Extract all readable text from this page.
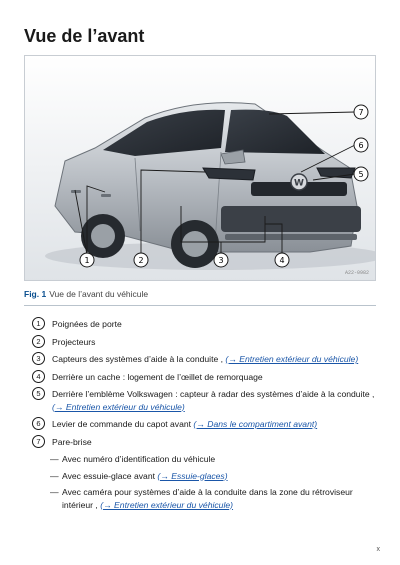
Vue de l’avant
W
1	2	3	4
5
6
7
A22-0982
Fig. 1 Vue de l’avant du véhicule
1	Poignées de porte
2	Projecteurs
3	Capteurs des systèmes d’aide à la conduite , (→ Entretien extérieur du véhicule)
4	Derrière un cache : logement de l’œillet de remorquage
5	Derrière l’emblème Volkswagen : capteur à radar des systèmes d’aide à la conduite , (→ Entretien extérieur du véhicule)
6	Levier de commande du capot avant (→ Dans le compartiment avant)
7	Pare-brise
— Avec numéro d’identification du véhicule
— Avec essuie-glace avant (→ Essuie-glaces)
— Avec caméra pour systèmes d’aide à la conduite dans la zone du rétroviseur intérieur , (→ Entretien extérieur du véhicule)
x
